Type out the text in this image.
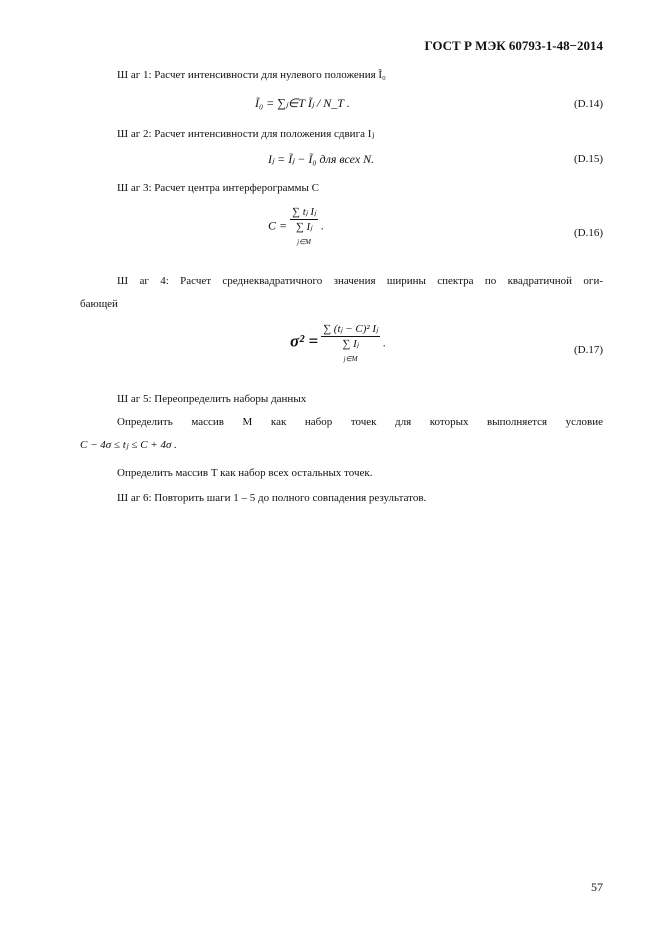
ГОСТ Р МЭК 60793-1-48−2014
Ш аг 1: Расчет интенсивности для нулевого положения Ĩ₀
Ĩ₀ = ∑ⱼ∈T Ĩⱼ / N_T .	(D.14)
Ш аг 2: Расчет интенсивности для положения сдвига Iⱼ
Iⱼ = Ĩⱼ − Ĩ₀ для всех N.	(D.15)
Ш аг 3: Расчет центра интерферограммы C
C =
∑ tⱼ Iⱼ
∑ Iⱼ
j∈M .
(D.16)
Ш аг 4: Расчет среднеквадратичного значения ширины спектра по квадратичной оги-
бающей
σ² =
∑ (tⱼ − C)² Iⱼ
∑ Iⱼ
j∈M .
(D.17)
Ш аг 5: Переопределить наборы данных
Определить массив M как набор точек для которых выполняется условие
C − 4σ ≤ tⱼ ≤ C + 4σ .
Определить массив T как набор всех остальных точек.
Ш аг 6: Повторить шаги 1 – 5 до полного совпадения результатов.
57
